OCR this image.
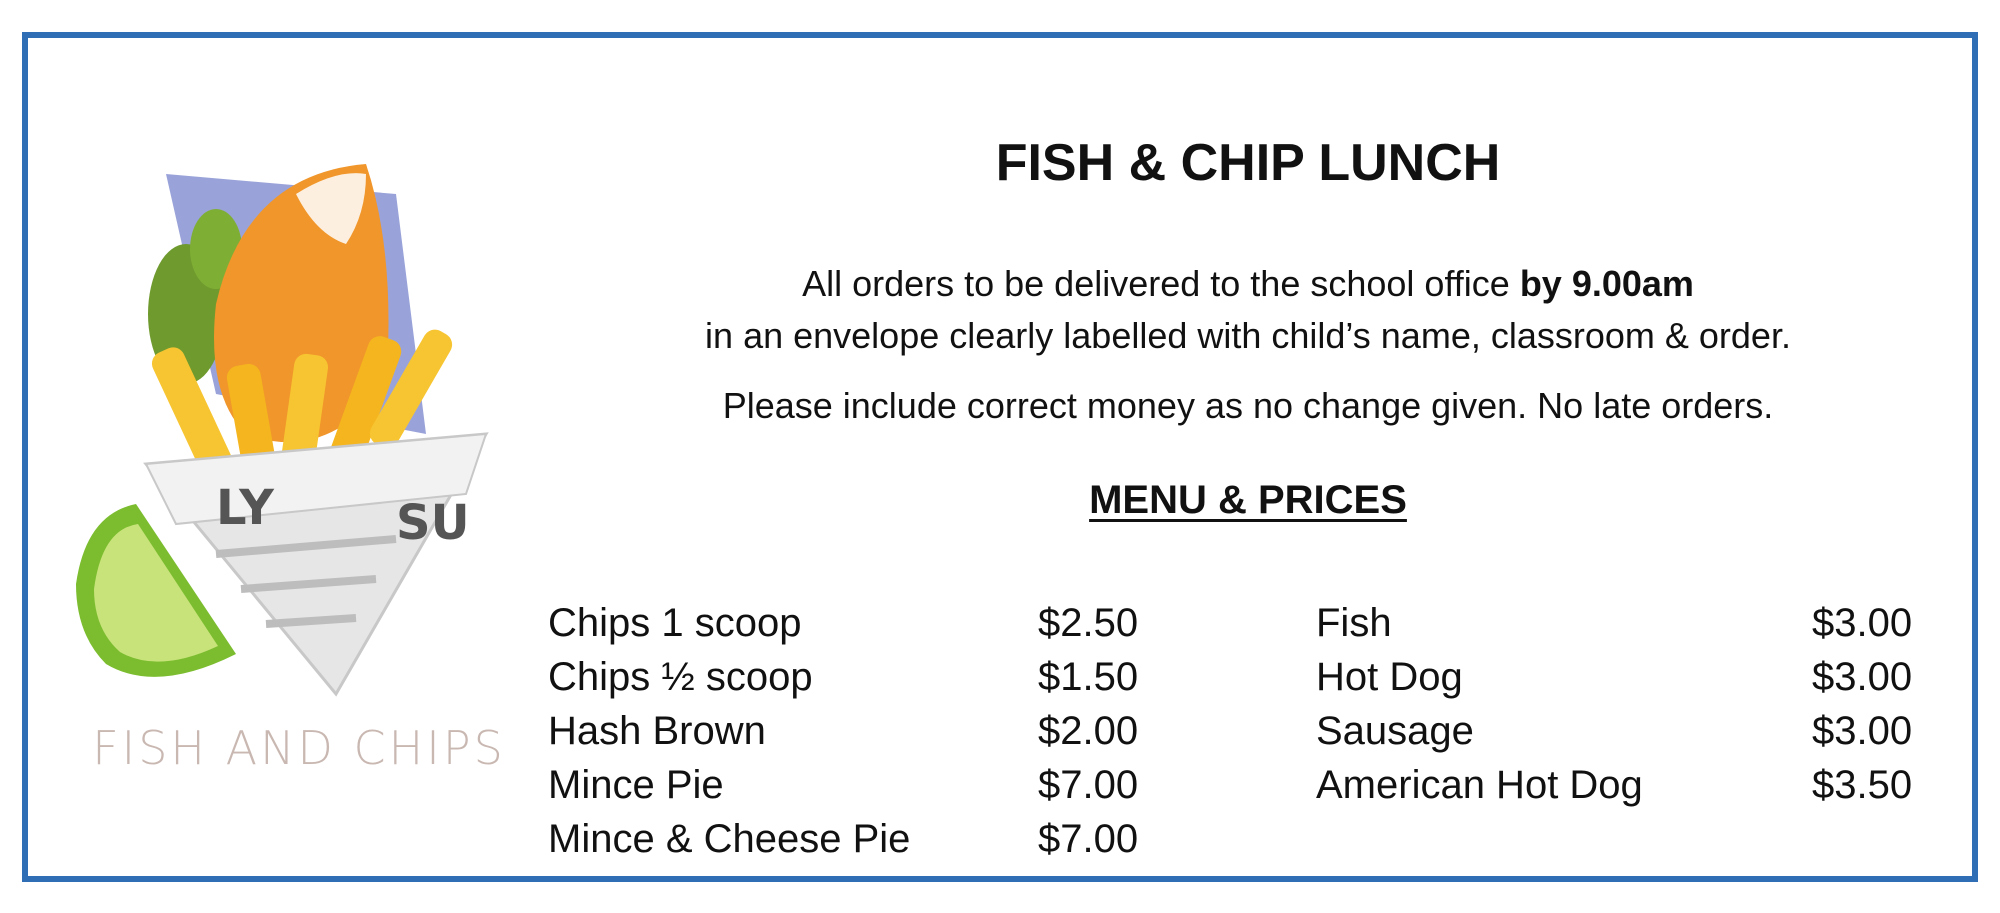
LY	SU
FISH AND CHIPS
FISH & CHIP LUNCH

All orders to be delivered to the school office by 9.00am
in an envelope clearly labelled with child’s name, classroom & order.

Please include correct money as no change given. No late orders.

MENU & PRICES
Chips 1 scoop	$2.50
Chips ½ scoop	$1.50
Hash Brown	$2.00
Mince Pie	$7.00
Mince & Cheese Pie	$7.00
Fish	$3.00
Hot Dog	$3.00
Sausage	$3.00
American Hot Dog	$3.50
